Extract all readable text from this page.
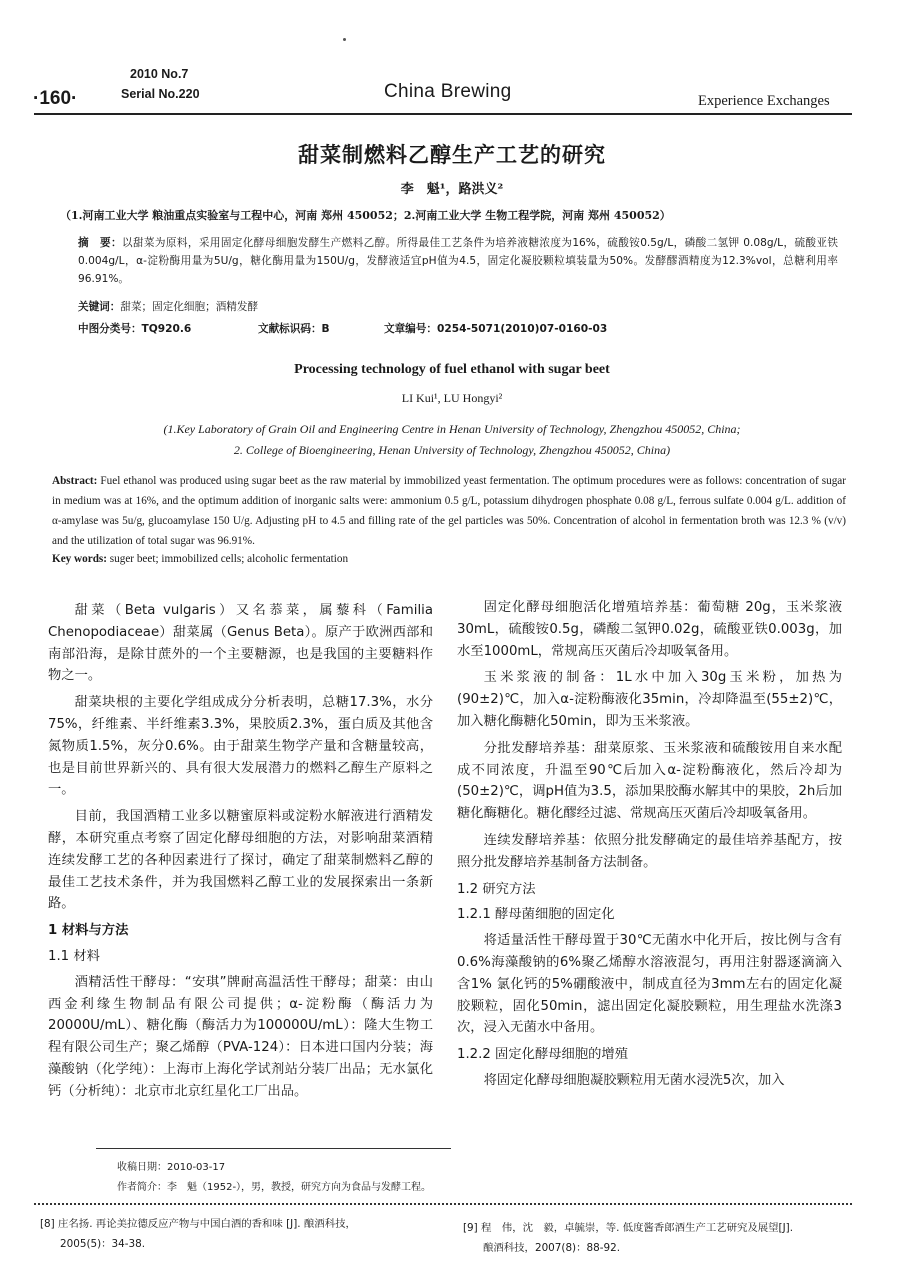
2010 No.7
·160·	Serial No.220	China Brewing	Experience Exchanges
甜菜制燃料乙醇生产工艺的研究
李　魁¹，路洪义²
（1.河南工业大学 粮油重点实验室与工程中心，河南 郑州 450052；2.河南工业大学 生物工程学院，河南 郑州 450052）
摘　要：以甜菜为原料，采用固定化酵母细胞发酵生产燃料乙醇。所得最佳工艺条件为培养液糖浓度为16%，硫酸铵0.5g/L，磷酸二氢钾 0.08g/L，硫酸亚铁 0.004g/L，α-淀粉酶用量为5U/g，糖化酶用量为150U/g，发酵液适宜pH值为4.5，固定化凝胶颗粒填装量为50%。发酵醪酒精度为12.3%vol，总糖利用率96.91%。
关键词：甜菜；固定化细胞；酒精发酵
中图分类号：TQ920.6	文献标识码：B	文章编号：0254-5071(2010)07-0160-03
Processing technology of fuel ethanol with sugar beet
LI Kui¹, LU Hongyi²
(1.Key Laboratory of Grain Oil and Engineering Centre in Henan University of Technology, Zhengzhou 450052, China;
2. College of Bioengineering, Henan University of Technology, Zhengzhou 450052, China)
Abstract: Fuel ethanol was produced using sugar beet as the raw material by immobilized yeast fermentation. The optimum procedures were as follows: concentration of sugar in medium was at 16%, and the optimum addition of inorganic salts were: ammonium 0.5 g/L, potassium dihydrogen phosphate 0.08 g/L, ferrous sulfate 0.004 g/L. addition of α-amylase was 5u/g, glucoamylase 150 U/g. Adjusting pH to 4.5 and filling rate of the gel particles was 50%. Concentration of alcohol in fermentation broth was 12.3 % (v/v) and the utilization of total sugar was 96.91%.
Key words: suger beet; immobilized cells; alcoholic fermentation

甜菜（Beta vulgaris）又名菾菜，属藜科（Familia Chenopodiaceae）甜菜属（Genus Beta）。原产于欧洲西部和南部沿海，是除甘蔗外的一个主要糖源，也是我国的主要糖料作物之一。

甜菜块根的主要化学组成成分分析表明，总糖17.3%，水分75%，纤维素、半纤维素3.3%，果胶质2.3%，蛋白质及其他含氮物质1.5%，灰分0.6%。由于甜菜生物学产量和含糖量较高，也是目前世界新兴的、具有很大发展潜力的燃料乙醇生产原料之一。

目前，我国酒精工业多以糖蜜原料或淀粉水解液进行酒精发酵，本研究重点考察了固定化酵母细胞的方法，对影响甜菜酒精连续发酵工艺的各种因素进行了探讨，确定了甜菜制燃料乙醇的最佳工艺技术条件，并为我国燃料乙醇工业的发展探索出一条新路。

1 材料与方法
1.1 材料

酒精活性干酵母：“安琪”牌耐高温活性干酵母；甜菜：由山西金利缘生物制品有限公司提供；α-淀粉酶（酶活力为20000U/mL）、糖化酶（酶活力为100000U/mL）：隆大生物工程有限公司生产；聚乙烯醇（PVA-124）：日本进口国内分装；海藻酸钠（化学纯）：上海市上海化学试剂站分装厂出品；无水氯化钙（分析纯）：北京市北京红星化工厂出品。

固定化酵母细胞活化增殖培养基：葡萄糖 20g，玉米浆液30mL，硫酸铵0.5g，磷酸二氢钾0.02g，硫酸亚铁0.003g，加水至1000mL，常规高压灭菌后冷却吸氧备用。

玉米浆液的制备：1L水中加入30g玉米粉，加热为(90±2)℃，加入α-淀粉酶液化35min，冷却降温至(55±2)℃，加入糖化酶糖化50min，即为玉米浆液。

分批发酵培养基：甜菜原浆、玉米浆液和硫酸铵用自来水配成不同浓度，升温至90℃后加入α-淀粉酶液化，然后冷却为(50±2)℃，调pH值为3.5，添加果胶酶水解其中的果胶，2h后加糖化酶糖化。糖化醪经过滤、常规高压灭菌后冷却吸氧备用。

连续发酵培养基：依照分批发酵确定的最佳培养基配方，按照分批发酵培养基制备方法制备。

1.2 研究方法
1.2.1 酵母菌细胞的固定化

将适量活性干酵母置于30℃无菌水中化开后，按比例与含有0.6%海藻酸钠的6%聚乙烯醇水溶液混匀，再用注射器逐滴滴入含1% 氯化钙的5%硼酸液中，制成直径为3mm左右的固定化凝胶颗粒，固化50min，滤出固定化凝胶颗粒，用生理盐水洗涤3次，浸入无菌水中备用。

1.2.2 固定化酵母细胞的增殖

将固定化酵母细胞凝胶颗粒用无菌水浸洗5次，加入

收稿日期：2010-03-17
作者简介：李　魁（1952-），男，教授，研究方向为食品与发酵工程。
[8] 庄名扬. 再论美拉德反应产物与中国白酒的香和味 [J]. 酿酒科技，
2005(5)：34-38.
[9] 程　伟，沈　毅，卓毓崇，等. 低度酱香郎酒生产工艺研究及展望[J].
酿酒科技，2007(8)：88-92.
